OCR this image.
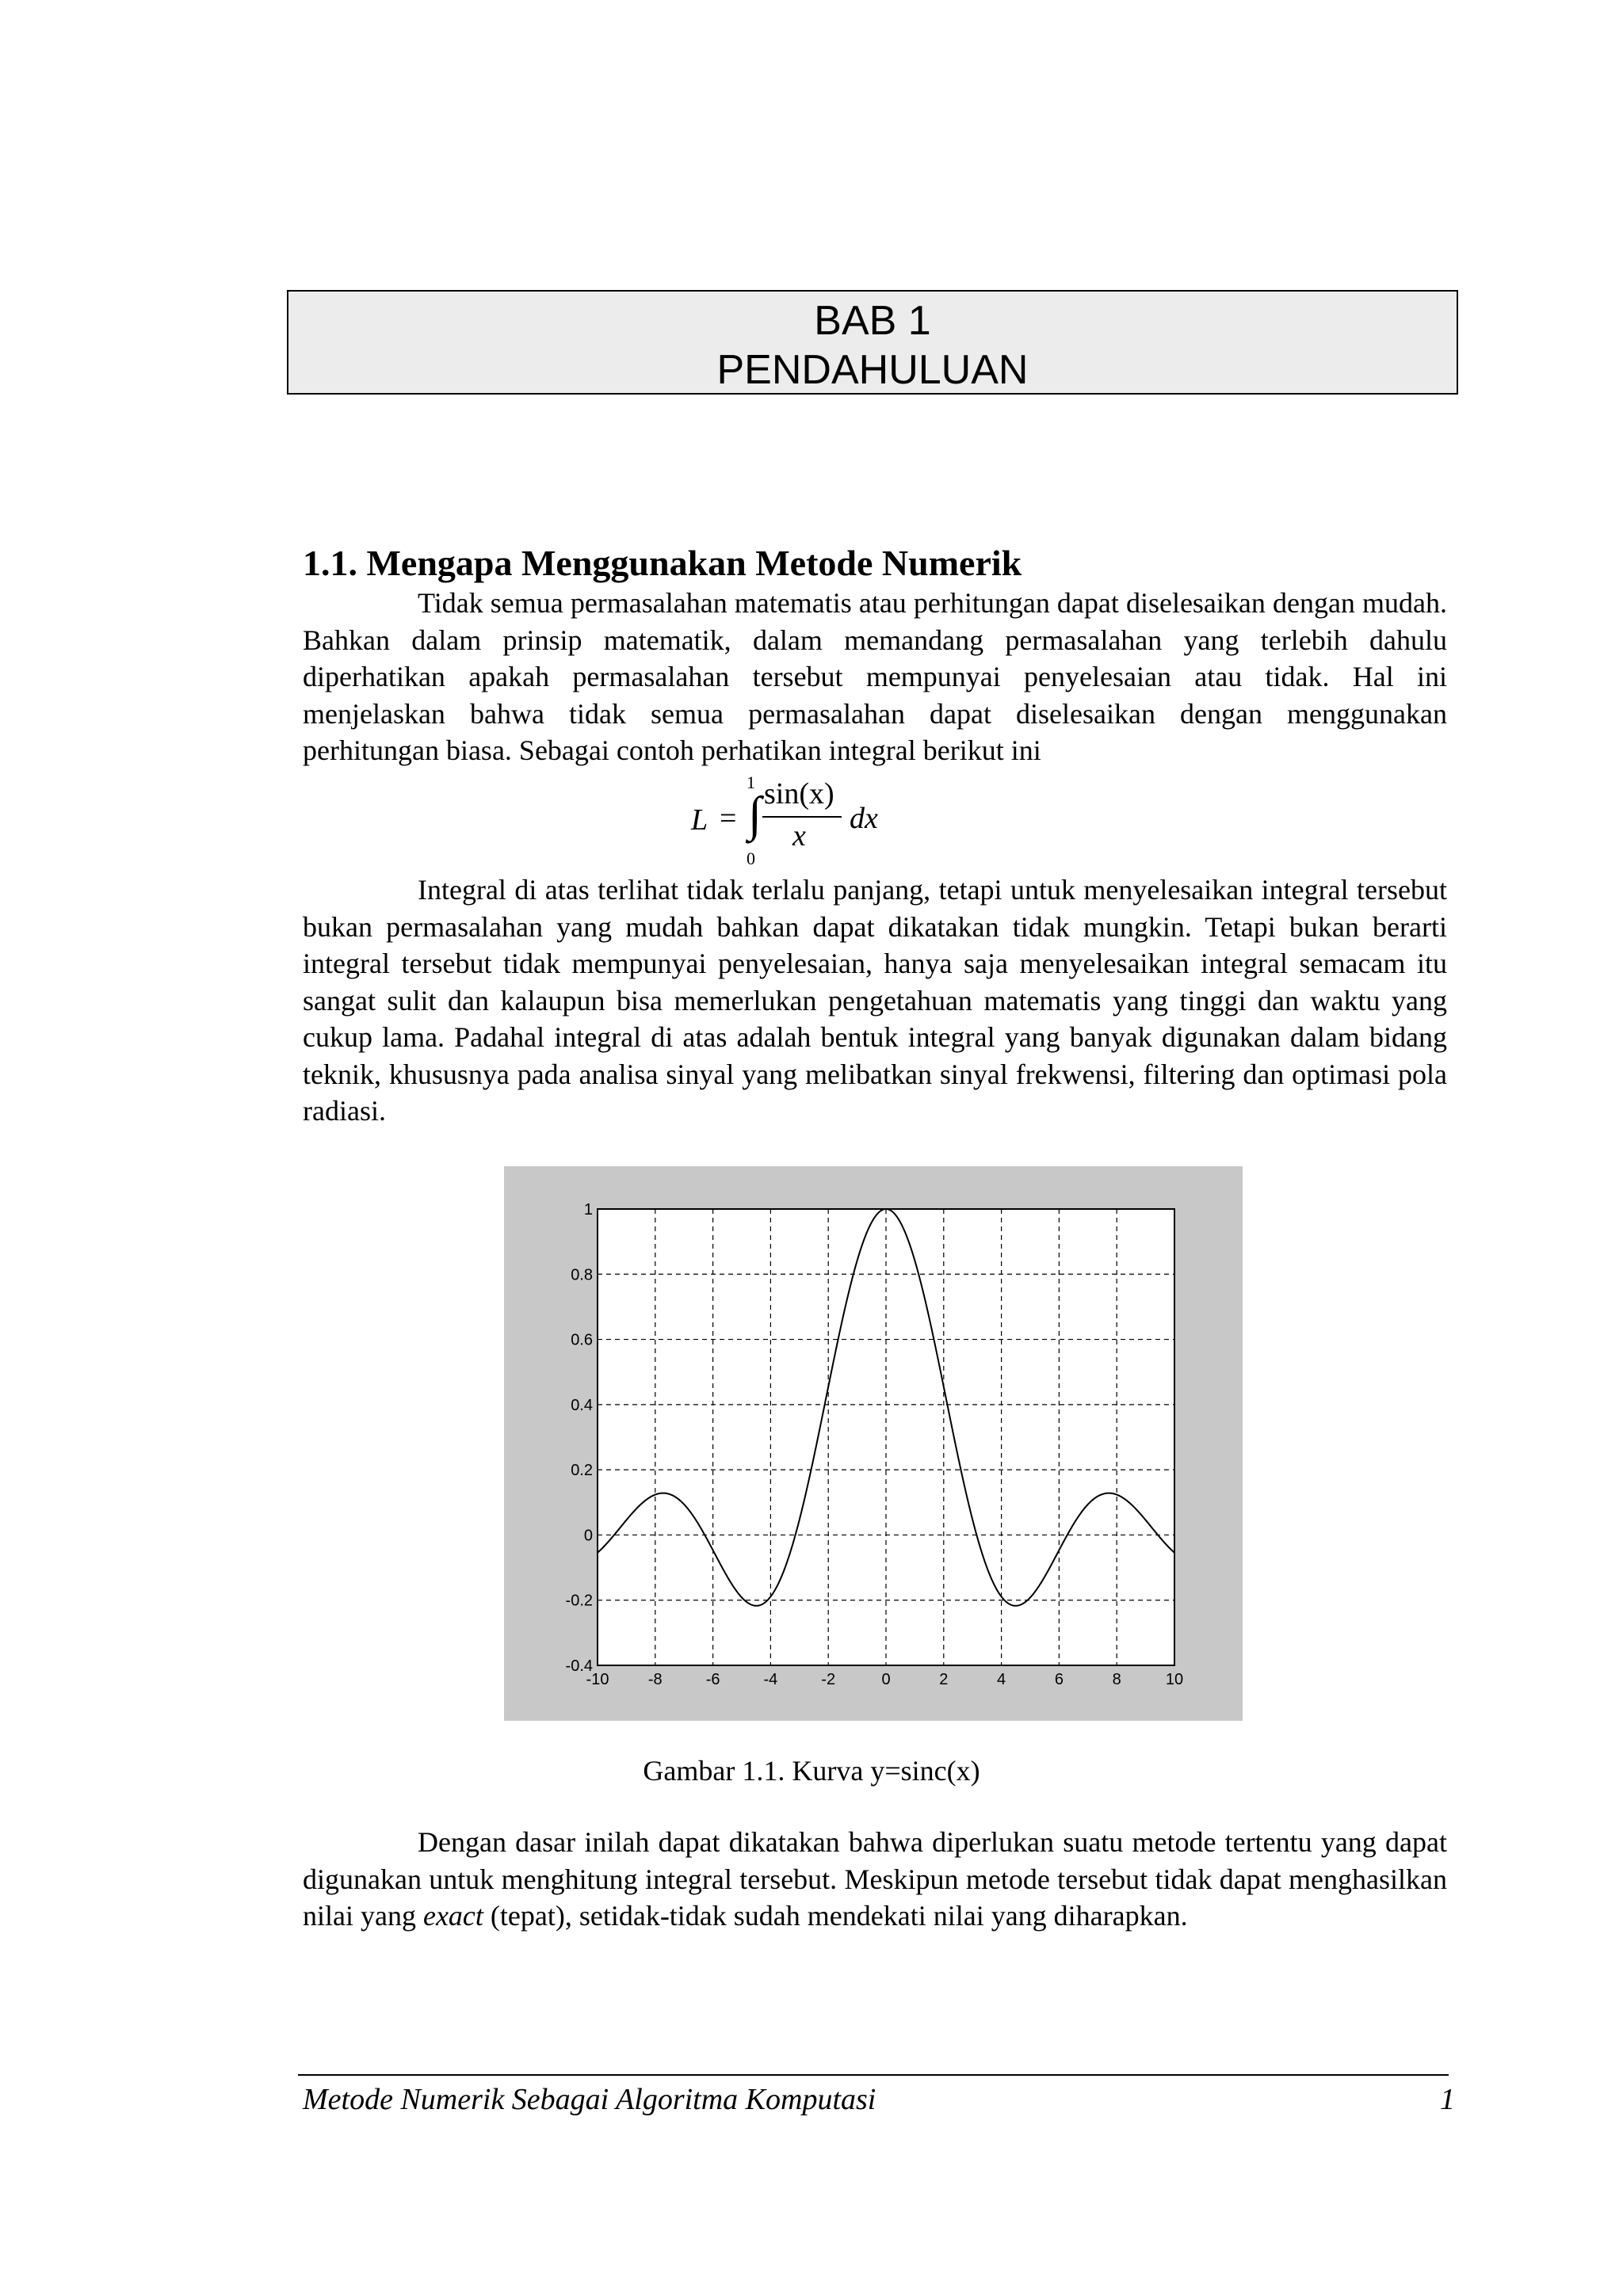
BAB 1
PENDAHULUAN
1.1. Mengapa Menggunakan Metode Numerik

Tidak semua permasalahan matematis atau perhitungan dapat diselesaikan dengan mudah. Bahkan dalam prinsip matematik, dalam memandang permasalahan yang terlebih dahulu diperhatikan apakah permasalahan tersebut mempunyai penyelesaian atau tidak. Hal ini menjelaskan bahwa tidak semua permasalahan dapat diselesaikan dengan menggunakan perhitungan biasa. Sebagai contoh perhatikan integral berikut ini

L =
1
∫
0
sin(x)
x
dx

Integral di atas terlihat tidak terlalu panjang, tetapi untuk menyelesaikan integral tersebut bukan permasalahan yang mudah bahkan dapat dikatakan tidak mungkin. Tetapi bukan berarti integral tersebut tidak mempunyai penyelesaian, hanya saja menyelesaikan integral semacam itu sangat sulit dan kalaupun bisa memerlukan pengetahuan matematis yang tinggi dan waktu yang cukup lama. Padahal integral di atas adalah bentuk integral yang banyak digunakan dalam bidang teknik, khususnya pada analisa sinyal yang melibatkan sinyal frekwensi, filtering dan optimasi pola radiasi.

-10 -8	-6	-4	-2	0	2	4	6	8	10
1
0.8
0.6
0.4
0.2
0
-0.2
-0.4
Gambar 1.1. Kurva y=sinc(x)

Dengan dasar inilah dapat dikatakan bahwa diperlukan suatu metode tertentu yang dapat digunakan untuk menghitung integral tersebut. Meskipun metode tersebut tidak dapat menghasilkan nilai yang exact (tepat), setidak-tidak sudah mendekati nilai yang diharapkan.

Metode Numerik Sebagai Algoritma Komputasi	1
